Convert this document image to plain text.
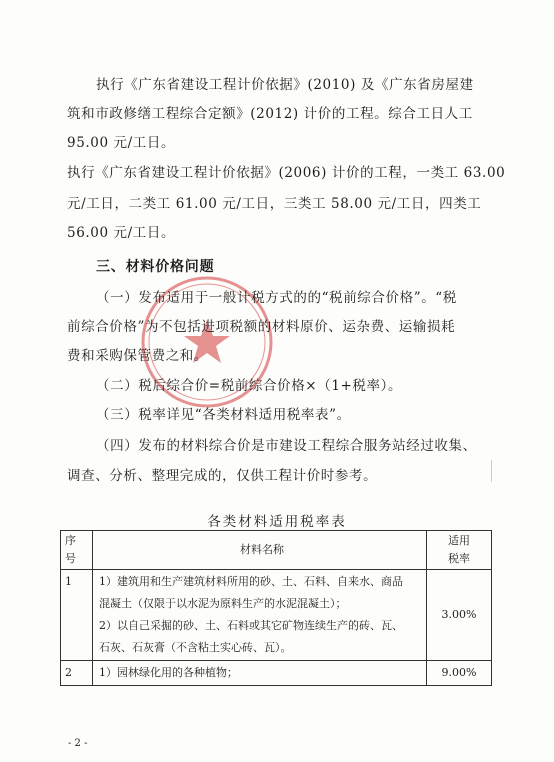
执行《广东省建设工程计价依据》(2010) 及《广东省房屋建
筑和市政修缮工程综合定额》(2012) 计价的工程。综合工日人工
95.00 元/工日。
执行《广东省建设工程计价依据》(2006) 计价的工程，一类工 63.00
元/工日，二类工 61.00 元/工日，三类工 58.00 元/工日，四类工
56.00 元/工日。
三、材料价格问题
（一）发布适用于一般计税方式的的“税前综合价格”。“税
前综合价格”为不包括进项税额的材料原价、运杂费、运输损耗
费和采购保管费之和。
（二）税后综合价=税前综合价格×（1+税率）。
（三）税率详见“各类材料适用税率表”。
（四）发布的材料综合价是市建设工程综合服务站经过收集、
调查、分析、整理完成的，仅供工程计价时参考。
各类材料适用税率表
序
号	材料名称	适用
税率

1	1）建筑用和生产建筑材料所用的砂、土、石料、自来水、商品
混凝土（仅限于以水泥为原料生产的水泥混凝土）；
2）以自己采掘的砂、土、石料或其它矿物连续生产的砖、瓦、
石灰、石灰膏（不含粘土实心砖、瓦）。	3.00%
2	1）园林绿化用的各种植物；	9.00%
- 2 -
